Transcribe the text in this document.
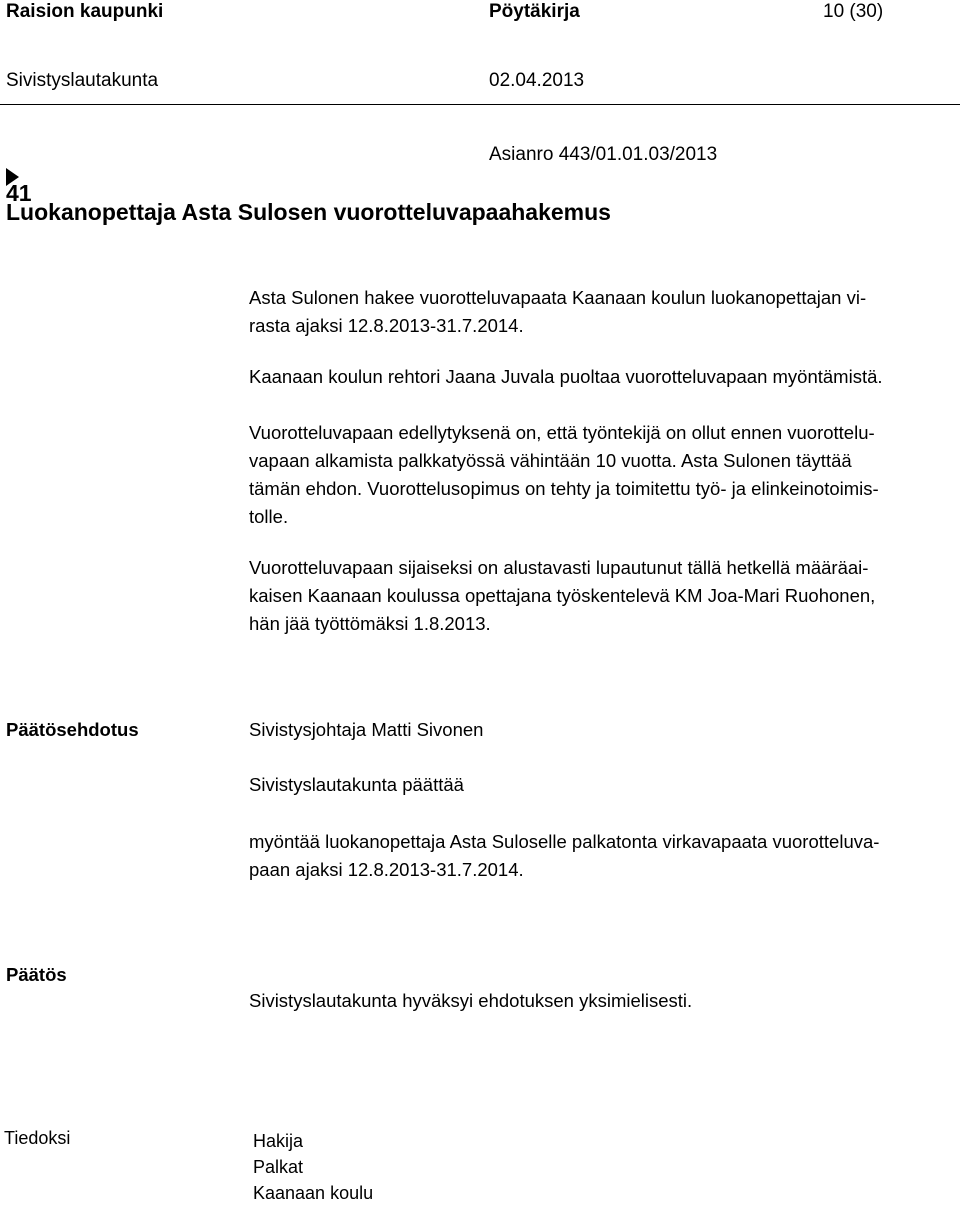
Raision kaupunki	Pöytäkirja	10 (30)
Sivistyslautakunta	02.04.2013
Asianro 443/01.01.03/2013
41
Luokanopettaja Asta Sulosen vuorotteluvapaahakemus

Asta Sulonen hakee vuorotteluvapaata Kaanaan koulun luokanopettajan vi-

rasta ajaksi 12.8.2013-31.7.2014.

Kaanaan koulun rehtori Jaana Juvala puoltaa vuorotteluvapaan myöntämistä.

Vuorotteluvapaan edellytyksenä on, että työntekijä on ollut ennen vuorottelu-

vapaan alkamista palkkatyössä vähintään 10 vuotta. Asta Sulonen täyttää

tämän ehdon. Vuorottelusopimus on tehty ja toimitettu työ- ja elinkeinotoimis-

tolle.

Vuorotteluvapaan sijaiseksi on alustavasti lupautunut tällä hetkellä määräai-

kaisen Kaanaan koulussa opettajana työskentelevä KM Joa-Mari Ruohonen,

hän jää työttömäksi 1.8.2013.

Päätösehdotus	Sivistysjohtaja Matti Sivonen
Sivistyslautakunta päättää

myöntää luokanopettaja Asta Suloselle palkatonta virkavapaata vuorotteluva-

paan ajaksi 12.8.2013-31.7.2014.

Päätös
Sivistyslautakunta hyväksyi ehdotuksen yksimielisesti.
Tiedoksi	Hakija
Palkat
Kaanaan koulu
